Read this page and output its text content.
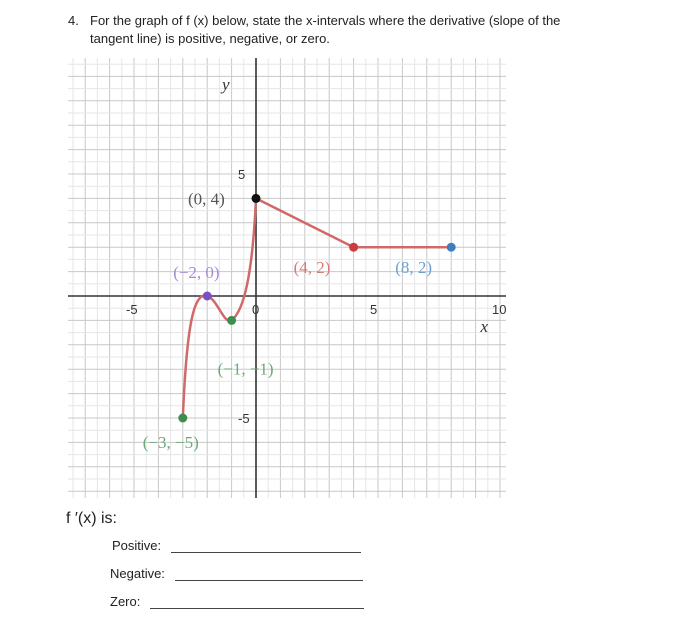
4. For the graph of f (x) below, state the x-intervals where the derivative (slope of the
tangent line) is positive, negative, or zero.
-5	0	5	10
5
-5
y
x
(−3, −5)
(−2, 0)
(−1, −1)
(0, 4)
(4, 2)	(8, 2)
f ′(x) is:
Positive:
Negative:
Zero:
